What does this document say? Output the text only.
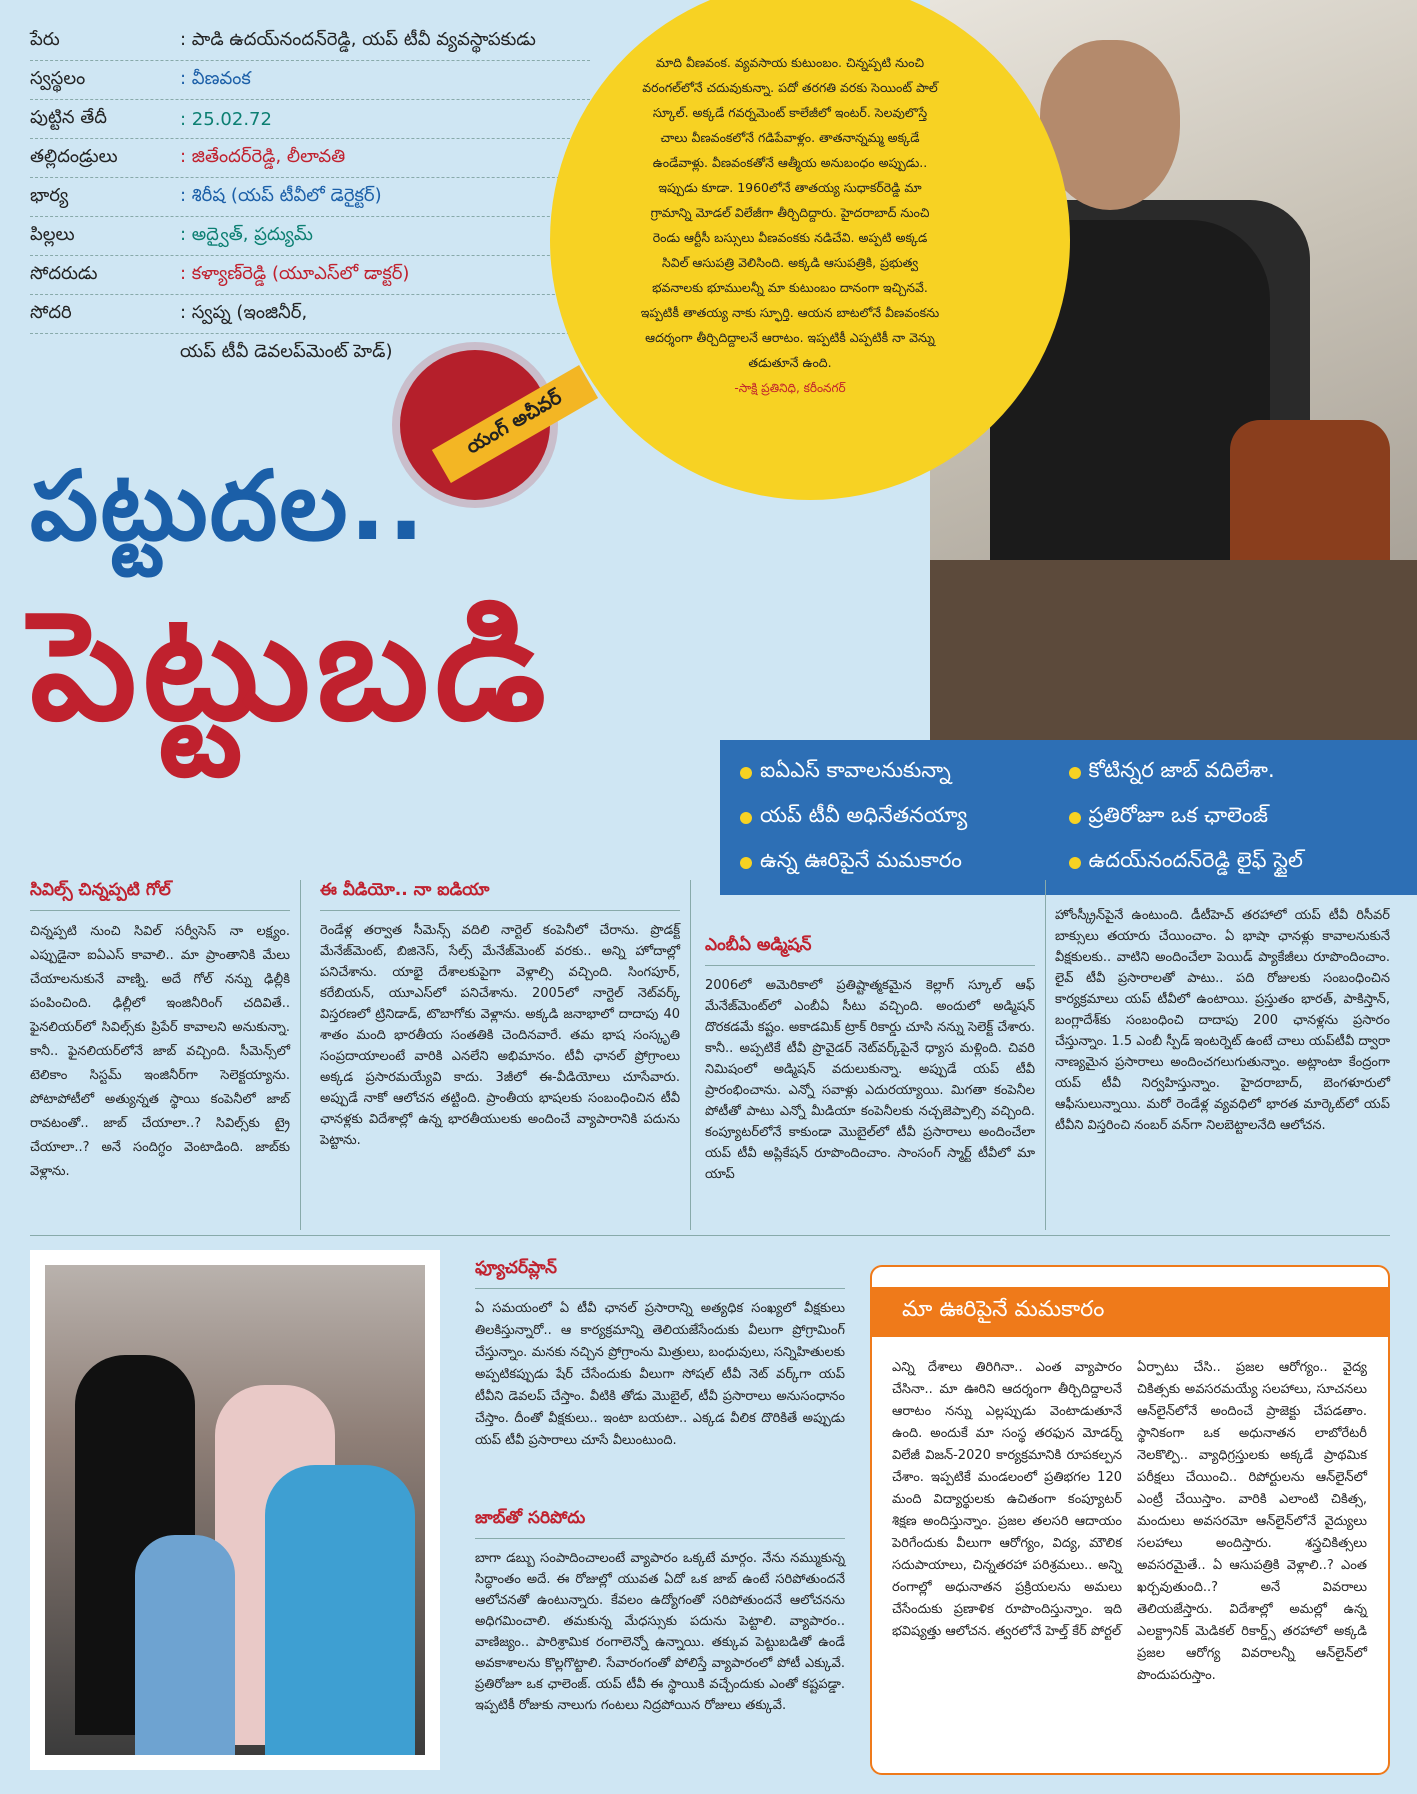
పేరు	: పాడి ఉదయ్‌నందన్‌రెడ్డి, యప్ టీవీ వ్యవస్థాపకుడు
స్వస్థలం	: వీణవంక
పుట్టిన తేదీ	: 25.02.72
తల్లిదండ్రులు	: జితేందర్‌రెడ్డి, లీలావతి
భార్య	: శిరీష (యప్ టీవీలో డెరైక్టర్)
పిల్లలు	: అద్వైత్, ప్రద్యుమ్
సోదరుడు	: కళ్యాణ్‌రెడ్డి (యూఎస్‌లో డాక్టర్)
సోదరి	: స్వప్న (ఇంజినీర్,
యప్ టీవీ డెవలప్‌మెంట్ హెడ్)
మాది వీణవంక. వ్యవసాయ కుటుంబం. చిన్నప్పటి నుంచి వరంగల్‌లోనే చదువుకున్నా. పదో తరగతి వరకు సెయింట్ పాల్ స్కూల్. అక్కడే గవర్నమెంట్ కాలేజీలో ఇంటర్. సెలవులొస్తే చాలు వీణవంకలోనే గడిపేవాళ్లం. తాతనాన్నమ్మ అక్కడే ఉండేవాళ్లు. వీణవంకతోనే ఆత్మీయ అనుబంధం అప్పుడు.. ఇప్పుడు కూడా. 1960లోనే తాతయ్య సుధాకర్‌రెడ్డి మా గ్రామాన్ని మోడల్ విలేజీగా తీర్చిదిద్దారు. హైదరాబాద్ నుంచి రెండు ఆర్టీసీ బస్సులు వీణవంకకు నడిచేవి. అప్పటి అక్కడ సివిల్ ఆసుపత్రి వెలిసింది. అక్కడి ఆసుపత్రికి, ప్రభుత్వ భవనాలకు భూములన్నీ మా కుటుంబం దానంగా ఇచ్చినవే. ఇప్పటికీ తాతయ్య నాకు స్ఫూర్తి. ఆయన బాటలోనే వీణవంకను ఆదర్శంగా తీర్చిదిద్దాలనే ఆరాటం. ఇప్పటికీ ఎప్పటికీ నా వెన్ను తడుతూనే ఉంది.
-సాక్షి ప్రతినిధి, కరీంనగర్
యంగ్ అచీవర్
పట్టుదల..
పెట్టుబడి
ఐఏఎస్ కావాలనుకున్నా	కోటిన్నర జాబ్ వదిలేశా.
యప్ టీవీ అధినేతనయ్యా	ప్రతిరోజూ ఒక ఛాలెంజ్
ఉన్న ఊరిపైనే మమకారం	ఉదయ్‌నందన్‌రెడ్డి లైఫ్ స్టైల్
సివిల్స్ చిన్నప్పటి గోల్
చిన్నప్పటి నుంచి సివిల్ సర్వీసెస్ నా లక్ష్యం. ఎప్పుడైనా ఐఏఎస్ కావాలి.. మా ప్రాంతానికి మేలు చేయాలనుకునే వాణ్ని. అదే గోల్ నన్ను ఢిల్లీకి పంపించింది. ఢిల్లీలో ఇంజినీరింగ్ చదివితే.. ఫైనలియర్‌లో సివిల్స్‌కు ప్రిపేర్ కావాలని అనుకున్నా. కానీ.. ఫైనలియర్‌లోనే జాబ్ వచ్చింది. సీమెన్స్‌లో టెలికాం సిస్టమ్ ఇంజినీర్‌గా సెలెక్టయ్యాను. పోటాపోటీలో అత్యున్నత స్థాయి కంపెనీలో జాబ్ రావటంతో.. జాబ్ చేయాలా..? సివిల్స్‌కు ట్రై చేయాలా..? అనే సందిగ్ధం వెంటాడింది. జాబ్‌కు వెళ్లాను.
ఈ వీడియో.. నా ఐడియా
రెండేళ్ల తర్వాత సీమెన్స్ వదిలి నార్టెల్ కంపెనీలో చేరాను. ప్రొడక్ట్ మేనేజ్‌మెంట్, బిజినెస్, సేల్స్ మేనేజ్‌మెంట్ వరకు.. అన్ని హోదాల్లో పనిచేశాను. యాభై దేశాలకుపైగా వెళ్లాల్సి వచ్చింది. సింగపూర్, కరేబియన్, యూఎస్‌లో పనిచేశాను. 2005లో నార్టెల్ నెట్‌వర్క్ విస్తరణలో ట్రినిడాడ్, టొబాగోకు వెళ్లాను. అక్కడి జనాభాలో దాదాపు 40 శాతం మంది భారతీయ సంతతికి చెందినవారే. తమ భాష సంస్కృతి సంప్రదాయాలంటే వారికి ఎనలేని అభిమానం. టీవీ ఛానల్ ప్రోగ్రాంలు అక్కడ ప్రసారమయ్యేవి కాదు. 3జీలో ఈ-వీడియోలు చూసేవారు. అప్పుడే నాకో ఆలోచన తట్టింది. ప్రాంతీయ భాషలకు సంబంధించిన టీవీ ఛానళ్లకు విదేశాల్లో ఉన్న భారతీయులకు అందించే వ్యాపారానికి పదును పెట్టాను.
ఎంబీఏ అడ్మిషన్
2006లో అమెరికాలో ప్రతిష్టాత్మకమైన కెల్లాగ్ స్కూల్ ఆఫ్ మేనేజ్‌మెంట్‌లో ఎంబీఏ సీటు వచ్చింది. అందులో అడ్మిషన్ దొరకడమే కష్టం. అకాడమిక్ ట్రాక్ రికార్డు చూసి నన్ను సెలెక్ట్ చేశారు. కానీ.. అప్పటికే టీవీ ప్రొవైడర్ నెట్‌వర్క్‌పైనే ధ్యాస మళ్లింది. చివరి నిమిషంలో అడ్మిషన్ వదులుకున్నా. అప్పుడే యప్ టీవీ ప్రారంభించాను. ఎన్నో సవాళ్లు ఎదురయ్యాయి. మిగతా కంపెనీల పోటీతో పాటు ఎన్నో మీడియా కంపెనీలకు నచ్చజెప్పాల్సి వచ్చింది. కంప్యూటర్‌లోనే కాకుండా మొబైల్‌లో టీవీ ప్రసారాలు అందించేలా యప్ టీవీ అప్లికేషన్ రూపొందించాం. సాంసంగ్ స్మార్ట్ టీవీలో మా యాప్
హోంస్క్రీన్‌పైనే ఉంటుంది. డీటీహెచ్ తరహాలో యప్ టీవీ రిసీవర్ బాక్సులు తయారు చేయించాం. ఏ భాషా ఛానళ్లు కావాలనుకునే వీక్షకులకు.. వాటిని అందించేలా పెయిడ్ ప్యాకేజీలు రూపొందించాం. లైవ్ టీవీ ప్రసారాలతో పాటు.. పది రోజులకు సంబంధించిన కార్యక్రమాలు యప్ టీవీలో ఉంటాయి. ప్రస్తుతం భారత్, పాకిస్తాన్, బంగ్లాదేశ్‌కు సంబంధించి దాదాపు 200 ఛానళ్లను ప్రసారం చేస్తున్నాం. 1.5 ఎంబీ స్పీడ్ ఇంటర్నెట్ ఉంటే చాలు యప్‌టీవీ ద్వారా నాణ్యమైన ప్రసారాలు అందించగలుగుతున్నాం. అట్లాంటా కేంద్రంగా యప్ టీవీ నిర్వహిస్తున్నాం. హైదరాబాద్, బెంగళూరులో ఆఫీసులున్నాయి. మరో రెండేళ్ల వ్యవధిలో భారత మార్కెట్‌లో యప్ టీవీని విస్తరించి నంబర్ వన్‌గా నిలబెట్టాలనేది ఆలోచన.
ఫ్యూచర్‌ప్లాన్
ఏ సమయంలో ఏ టీవీ ఛానల్ ప్రసారాన్ని అత్యధిక సంఖ్యలో వీక్షకులు తిలకిస్తున్నారో.. ఆ కార్యక్రమాన్ని తెలియజేసేందుకు వీలుగా ప్రోగ్రామింగ్ చేస్తున్నాం. మనకు నచ్చిన ప్రోగ్రాంను మిత్రులు, బంధువులు, సన్నిహితులకు అప్పటికప్పుడు షేర్ చేసేందుకు వీలుగా సోషల్ టీవీ నెట్ వర్క్‌గా యప్ టీవీని డెవలప్ చేస్తాం. వీటికి తోడు మొబైల్, టీవీ ప్రసారాలు అనుసంధానం చేస్తాం. దీంతో వీక్షకులు.. ఇంటా బయటా.. ఎక్కడ వీలిక దొరికితే అప్పుడు యప్ టీవీ ప్రసారాలు చూసే వీలుంటుంది.
జాబ్‌తో సరిపోదు
బాగా డబ్బు సంపాదించాలంటే వ్యాపారం ఒక్కటే మార్గం. నేను నమ్ముకున్న సిద్ధాంతం అదే. ఈ రోజుల్లో యువత ఏదో ఒక జాబ్ ఉంటే సరిపోతుందనే ఆలోచనతో ఉంటున్నారు. కేవలం ఉద్యోగంతో సరిపోతుందనే ఆలోచనను అధిగమించాలి. తమకున్న మేధస్సుకు పదును పెట్టాలి. వ్యాపారం.. వాణిజ్యం.. పారిశ్రామిక రంగాలెన్నో ఉన్నాయి. తక్కువ పెట్టుబడితో ఉండే అవకాశాలను కొల్లగొట్టాలి. సేవారంగంతో పోలిస్తే వ్యాపారంలో పోటీ ఎక్కువే. ప్రతిరోజూ ఒక ఛాలెంజ్. యప్ టీవీ ఈ స్థాయికి వచ్చేందుకు ఎంతో కష్టపడ్డా. ఇప్పటికీ రోజుకు నాలుగు గంటలు నిద్రపోయిన రోజులు తక్కువే.
మా ఊరిపైనే మమకారం
ఎన్ని దేశాలు తిరిగినా.. ఎంత వ్యాపారం చేసినా.. మా ఊరిని ఆదర్శంగా తీర్చిదిద్దాలనే ఆరాటం నన్ను ఎల్లప్పుడు వెంటాడుతూనే ఉంది. అందుకే మా సంస్థ తరఫున మోడర్న్ విలేజీ విజన్-2020 కార్యక్రమానికి రూపకల్పన చేశాం. ఇప్పటికే మండలంలో ప్రతిభగల 120 మంది విద్యార్థులకు ఉచితంగా కంప్యూటర్ శిక్షణ అందిస్తున్నాం. ప్రజల తలసరి ఆదాయం పెరిగేందుకు వీలుగా ఆరోగ్యం, విద్య, మౌలిక సదుపాయాలు, చిన్నతరహా పరిశ్రమలు.. అన్ని రంగాల్లో అధునాతన ప్రక్రియలను అమలు చేసేందుకు ప్రణాళిక రూపొందిస్తున్నాం. ఇది భవిష్యత్తు ఆలోచన. త్వరలోనే హెల్త్ కేర్ పోర్టల్
ఏర్పాటు చేసి.. ప్రజల ఆరోగ్యం.. వైద్య చికిత్సకు అవసరమయ్యే సలహాలు, సూచనలు ఆన్‌లైన్‌లోనే అందించే ప్రాజెక్టు చేపడతాం. స్థానికంగా ఒక అధునాతన లాబోరేటరీ నెలకొల్పి.. వ్యాధిగ్రస్తులకు అక్కడే ప్రాథమిక పరీక్షలు చేయించి.. రిపోర్టులను ఆన్‌లైన్‌లో ఎంట్రీ చేయిస్తాం. వారికి ఎలాంటి చికిత్స, మందులు అవసరమో ఆన్‌లైన్‌లోనే వైద్యులు సలహాలు అందిస్తారు. శస్త్రచికిత్సలు అవసరమైతే.. ఏ ఆసుపత్రికి వెళ్లాలి..? ఎంత ఖర్చవుతుంది..? అనే వివరాలు తెలియజేస్తారు. విదేశాల్లో అమల్లో ఉన్న ఎలక్ట్రానిక్ మెడికల్ రికార్డ్స్ తరహాలో అక్కడి ప్రజల ఆరోగ్య వివరాలన్నీ ఆన్‌లైన్‌లో పొందుపరుస్తాం.
